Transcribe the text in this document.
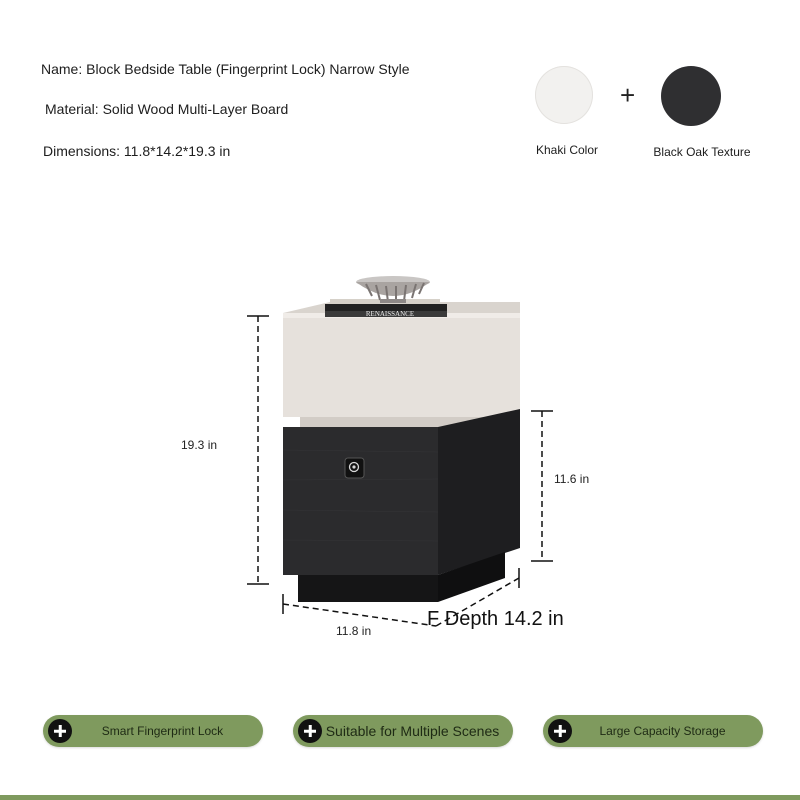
Name: Block Bedside Table (Fingerprint Lock) Narrow Style
Material: Solid Wood Multi-Layer Board
Dimensions: 11.8*14.2*19.3 in
+
Khaki Color	Black Oak Texture
RENAISSANCE
19.3 in
11.6 in
11.8 in
F Depth 14.2 in
Smart Fingerprint Lock	Suitable for Multiple Scenes	Large Capacity Storage
